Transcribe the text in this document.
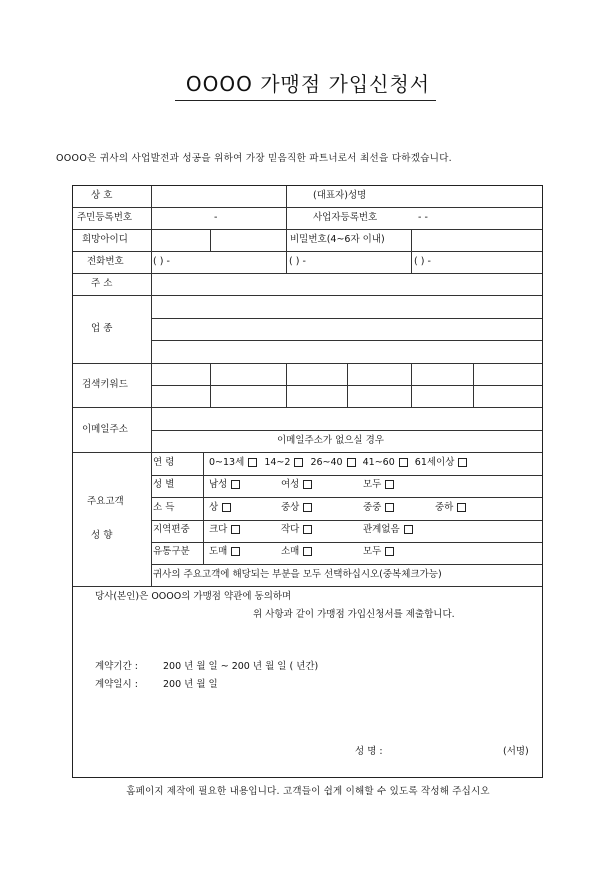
OOOO 가맹점 가입신청서
OOOO은 귀사의 사업발전과 성공을 위하여 가장 믿음직한 파트너로서 최선을 다하겠습니다.
상 호	(대표자)성명
주민등록번호	-	사업자등록번호	- -
희망아이디	비밀번호(4~6자 이내)
전화번호	( ) -	( ) -	( ) -
주 소
업 종
검색키워드
이메일주소
이메일주소가 없으실 경우
주요고객
성 향
연 령	0~13세 14~2 26~40 41~60 61세이상
성 별	남성	여성	모두
소 득	상	중상	중중	중하
지역편중 크다	작다	관계없음
유통구분 도매	소매	모두
귀사의 주요고객에 해당되는 부분을 모두 선택하십시오(중복체크가능)
당사(본인)은 OOOO의 가맹점 약관에 동의하며
위 사항과 같이 가맹점 가입신청서를 제출합니다.
계약기간 :	200 년 월 일 ~ 200 년 월 일 ( 년간)
계약일시 :	200 년 월 일
성 명 :	(서명)
홈페이지 제작에 필요한 내용입니다. 고객들이 쉽게 이해할 수 있도록 작성해 주십시오
